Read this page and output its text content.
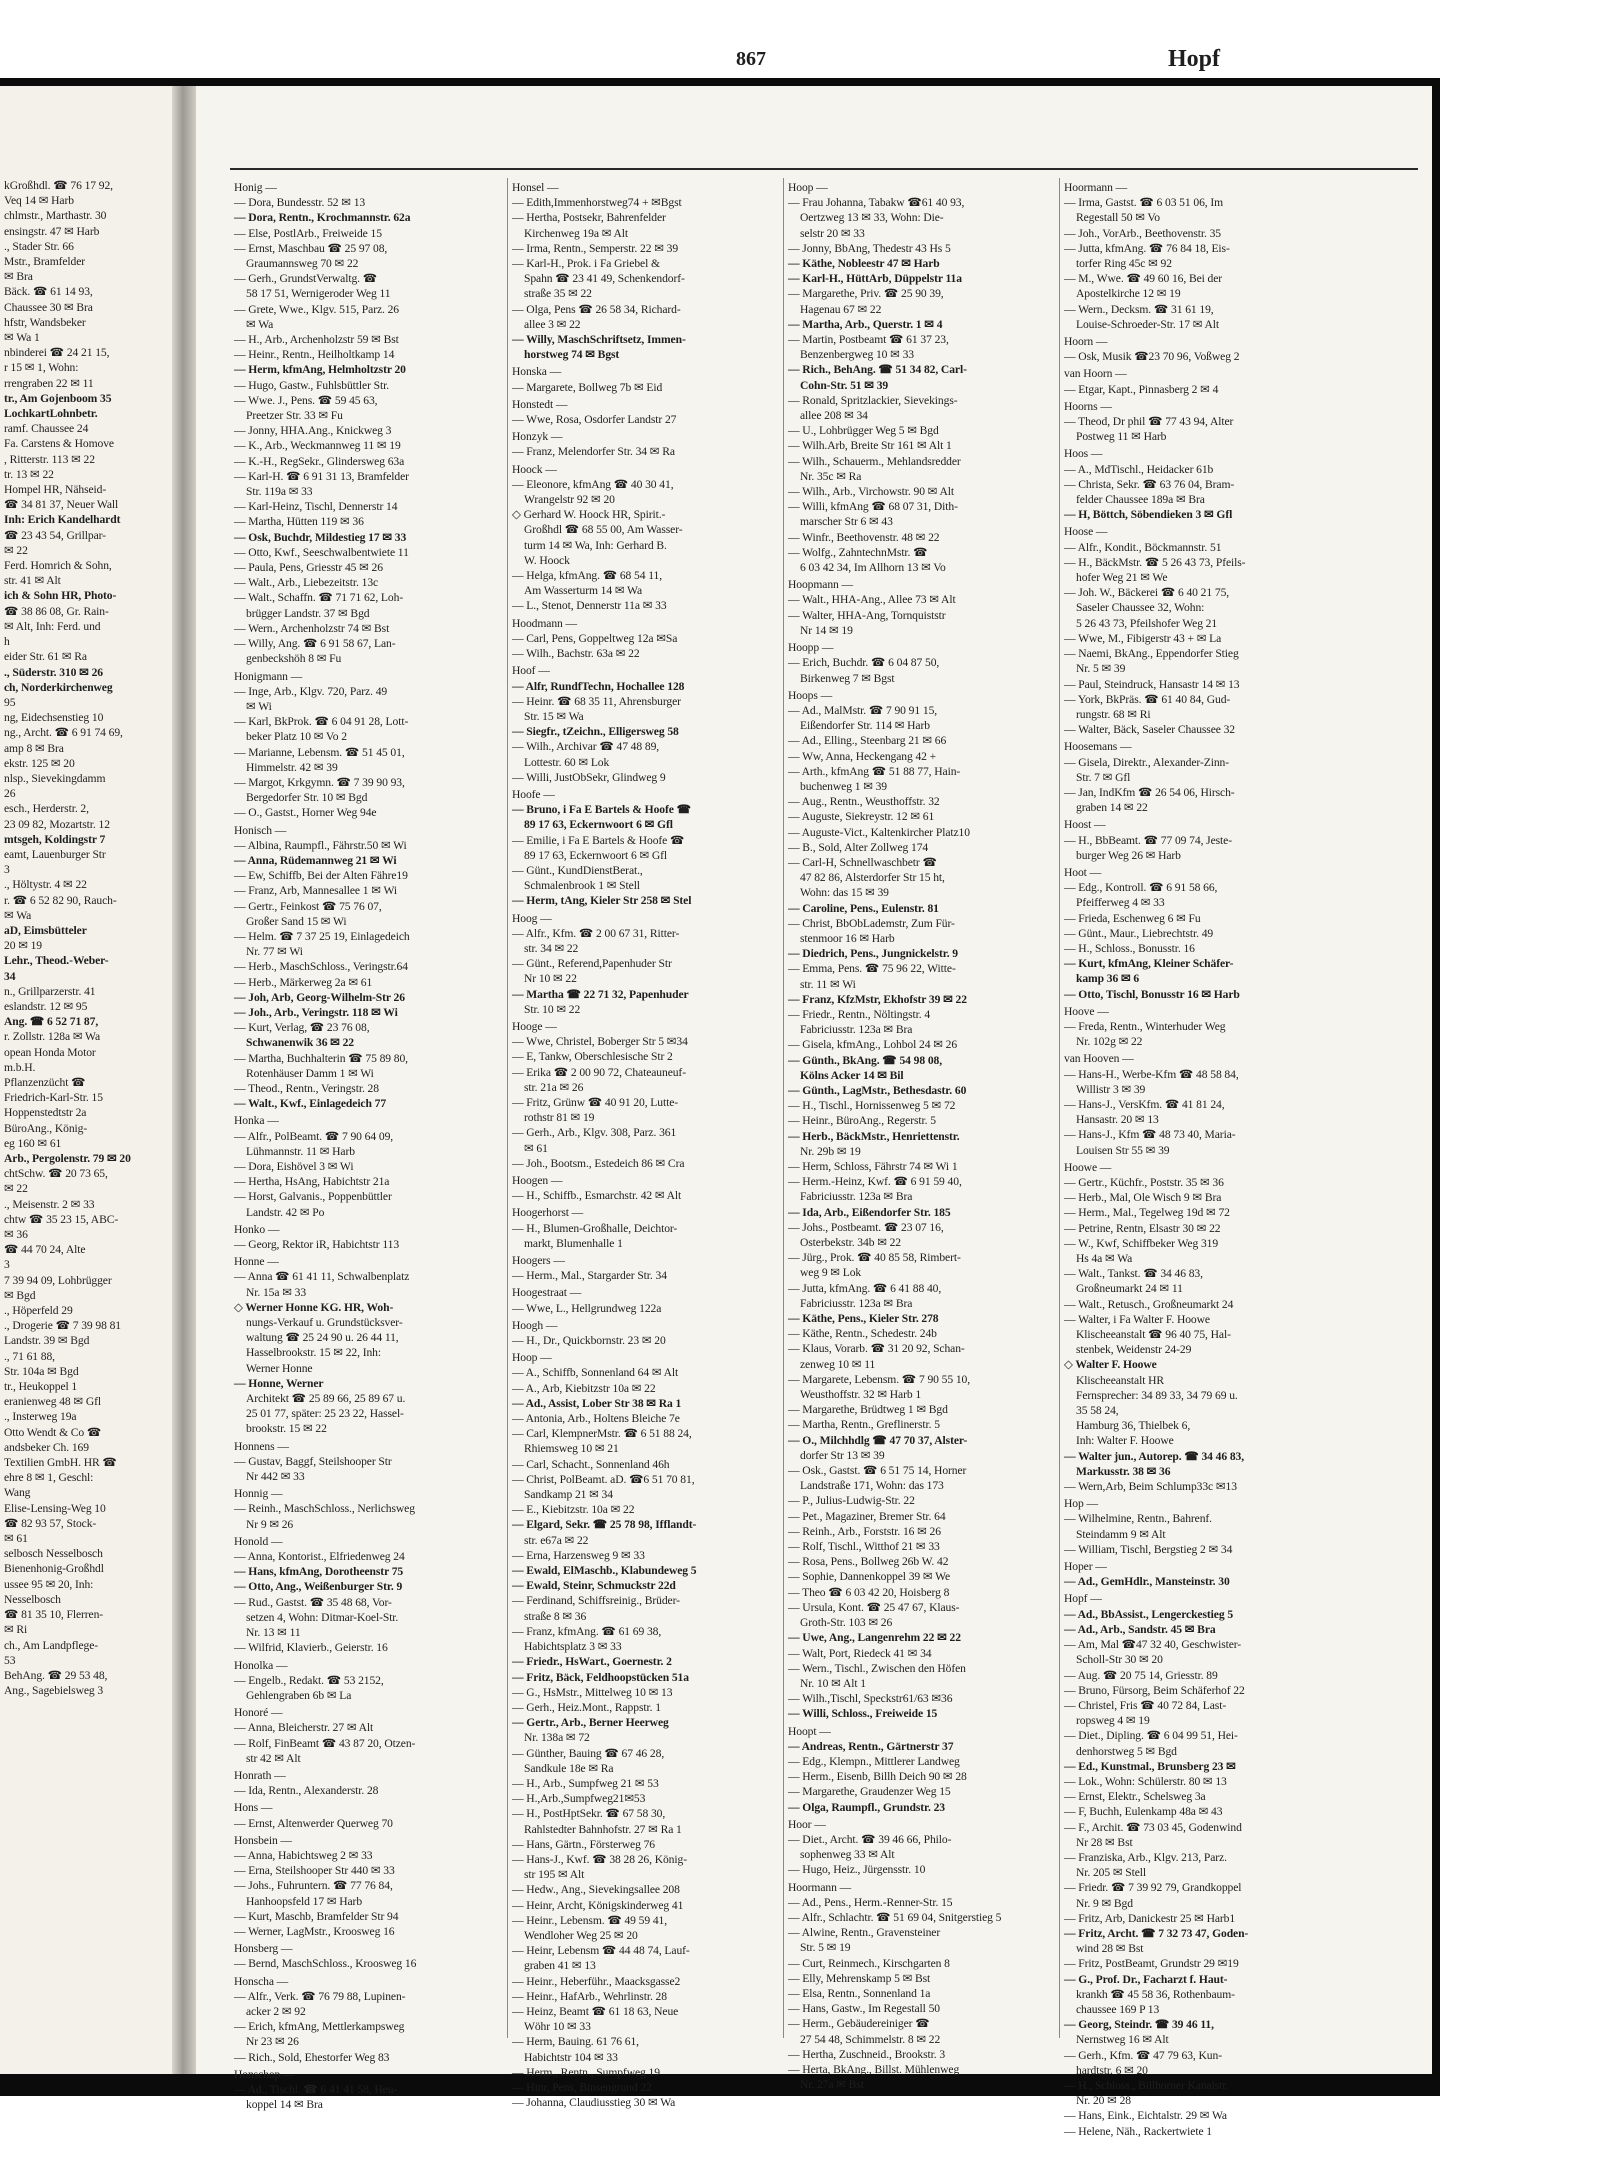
kGroßhdl. ☎ 76 17 92,
Veq 14 ✉ Harb
chlmstr., Marthastr. 30
ensingstr. 47 ✉ Harb
., Stader Str. 66
Mstr., Bramfelder
✉ Bra
Bäck. ☎ 61 14 93,
Chaussee 30 ✉ Bra
hfstr, Wandsbeker
✉ Wa 1
nbinderei ☎ 24 21 15,
r 15 ✉ 1, Wohn:
rrengraben 22 ✉ 11
tr., Am Gojenboom 35
LochkartLohnbetr.
ramf. Chaussee 24
Fa. Carstens & Homove
, Ritterstr. 113 ✉ 22
tr. 13 ✉ 22
Hompel HR, Nähseid-
☎ 34 81 37, Neuer Wall
Inh: Erich Kandelhardt
☎ 23 43 54, Grillpar-
✉ 22
Ferd. Homrich & Sohn,
str. 41 ✉ Alt
ich & Sohn HR, Photo-
☎ 38 86 08, Gr. Rain-
✉ Alt, Inh: Ferd. und
h
eider Str. 61 ✉ Ra
., Süderstr. 310 ✉ 26
ch, Norderkirchenweg
95
ng, Eidechsenstieg 10
ng., Archt. ☎ 6 91 74 69,
amp 8 ✉ Bra
ekstr. 125 ✉ 20
nlsp., Sievekingdamm
26
esch., Herderstr. 2,
23 09 82, Mozartstr. 12
mtsgeh, Koldingstr 7
eamt, Lauenburger Str
3
., Höltystr. 4 ✉ 22
r. ☎ 6 52 82 90, Rauch-
✉ Wa
aD, Eimsbütteler
20 ✉ 19
Lehr., Theod.-Weber-
34
n., Grillparzerstr. 41
eslandstr. 12 ✉ 95
Ang. ☎ 6 52 71 87,
r. Zollstr. 128a ✉ Wa
opean Honda Motor
m.b.H.
Pflanzenzücht ☎
Friedrich-Karl-Str. 15
Hoppenstedtstr 2a
BüroAng., König-
eg 160 ✉ 61
Arb., Pergolenstr. 79 ✉ 20
chtSchw. ☎ 20 73 65,
✉ 22
., Meisenstr. 2 ✉ 33
chtw ☎ 35 23 15, ABC-
✉ 36
☎ 44 70 24, Alte
3
7 39 94 09, Lohbrügger
✉ Bgd
., Höperfeld 29
., Drogerie ☎ 7 39 98 81
Landstr. 39 ✉ Bgd
., 71 61 88,
Str. 104a ✉ Bgd
tr., Heukoppel 1
eranienweg 48 ✉ Gfl
., Insterweg 19a
Otto Wendt & Co ☎
andsbeker Ch. 169
Textilien GmbH. HR ☎
ehre 8 ✉ 1, Geschl:
Wang
Elise-Lensing-Weg 10
☎ 82 93 57, Stock-
✉ 61
selbosch Nesselbosch
Bienenhonig-Großhdl
ussee 95 ✉ 20, Inh:
Nesselbosch
☎ 81 35 10, Flerren-
✉ Ri
ch., Am Landpflege-
53
BehAng. ☎ 29 53 48,
Ang., Sagebielsweg 3
Honig —
— Dora, Bundesstr. 52 ✉ 13
— Dora, Rentn., Krochmannstr. 62a
— Else, PostlArb., Freiweide 15
— Ernst, Maschbau ☎ 25 97 08,
Graumannsweg 70 ✉ 22
— Gerh., GrundstVerwaltg. ☎
58 17 51, Wernigeroder Weg 11
— Grete, Wwe., Klgv. 515, Parz. 26
✉ Wa
— H., Arb., Archenholzstr 59 ✉ Bst
— Heinr., Rentn., Heilholtkamp 14
— Herm, kfmAng, Helmholtzstr 20
— Hugo, Gastw., Fuhlsbüttler Str.
— Wwe. J., Pens. ☎ 59 45 63,
Preetzer Str. 33 ✉ Fu
— Jonny, HHA.Ang., Knickweg 3
— K., Arb., Weckmannweg 11 ✉ 19
— K.-H., RegSekr., Glindersweg 63a
— Karl-H. ☎ 6 91 31 13, Bramfelder
Str. 119a ✉ 33
— Karl-Heinz, Tischl, Dennerstr 14
— Martha, Hütten 119 ✉ 36
— Osk, Buchdr, Mildestieg 17 ✉ 33
— Otto, Kwf., Seeschwalbentwiete 11
— Paula, Pens, Griesstr 45 ✉ 26
— Walt., Arb., Liebezeitstr. 13c
— Walt., Schaffn. ☎ 71 71 62, Loh-
brügger Landstr. 37 ✉ Bgd
— Wern., Archenholzstr 74 ✉ Bst
— Willy, Ang. ☎ 6 91 58 67, Lan-
genbeckshöh 8 ✉ Fu
Honigmann —
— Inge, Arb., Klgv. 720, Parz. 49
✉ Wi
— Karl, BkProk. ☎ 6 04 91 28, Lott-
beker Platz 10 ✉ Vo 2
— Marianne, Lebensm. ☎ 51 45 01,
Himmelstr. 42 ✉ 39
— Margot, Krkgymn. ☎ 7 39 90 93,
Bergedorfer Str. 10 ✉ Bgd
— O., Gastst., Horner Weg 94e
Honisch —
— Albina, Raumpfl., Fährstr.50 ✉ Wi
— Anna, Rüdemannweg 21 ✉ Wi
— Ew, Schiffb, Bei der Alten Fähre19
— Franz, Arb, Mannesallee 1 ✉ Wi
— Gertr., Feinkost ☎ 75 76 07,
Großer Sand 15 ✉ Wi
— Helm. ☎ 7 37 25 19, Einlagedeich
Nr. 77 ✉ Wi
— Herb., MaschSchloss., Veringstr.64
— Herb., Märkerweg 2a ✉ 61
— Joh, Arb, Georg-Wilhelm-Str 26
— Joh., Arb., Veringstr. 118 ✉ Wi
— Kurt, Verlag, ☎ 23 76 08,
Schwanenwik 36 ✉ 22
— Martha, Buchhalterin ☎ 75 89 80,
Rotenhäuser Damm 1 ✉ Wi
— Theod., Rentn., Veringstr. 28
— Walt., Kwf., Einlagedeich 77
Honka —
— Alfr., PolBeamt. ☎ 7 90 64 09,
Lühmannstr. 11 ✉ Harb
— Dora, Eishövel 3 ✉ Wi
— Hertha, HsAng, Habichtstr 21a
— Horst, Galvanis., Poppenbüttler
Landstr. 42 ✉ Po
Honko —
— Georg, Rektor iR, Habichtstr 113
Honne —
— Anna ☎ 61 41 11, Schwalbenplatz
Nr. 15a ✉ 33
◇ Werner Honne KG. HR, Woh-
nungs-Verkauf u. Grundstücksver-
waltung ☎ 25 24 90 u. 26 44 11,
Hasselbrookstr. 15 ✉ 22, Inh:
Werner Honne
— Honne, Werner
Architekt ☎ 25 89 66, 25 89 67 u.
25 01 77, später: 25 23 22, Hassel-
brookstr. 15 ✉ 22
Honnens —
— Gustav, Baggf, Steilshooper Str
Nr 442 ✉ 33
Honnig —
— Reinh., MaschSchloss., Nerlichsweg
Nr 9 ✉ 26
Honold —
— Anna, Kontorist., Elfriedenweg 24
— Hans, kfmAng, Dorotheenstr 75
— Otto, Ang., Weißenburger Str. 9
— Rud., Gastst. ☎ 35 48 68, Vor-
setzen 4, Wohn: Ditmar-Koel-Str.
Nr. 13 ✉ 11
— Wilfrid, Klavierb., Geierstr. 16
Honolka —
— Engelb., Redakt. ☎ 53 2152,
Gehlengraben 6b ✉ La
Honoré —
— Anna, Bleicherstr. 27 ✉ Alt
— Rolf, FinBeamt ☎ 43 87 20, Otzen-
str 42 ✉ Alt
Honrath —
— Ida, Rentn., Alexanderstr. 28
Hons —
— Ernst, Altenwerder Querweg 70
Honsbein —
— Anna, Habichtsweg 2 ✉ 33
— Erna, Steilshooper Str 440 ✉ 33
— Johs., Fuhruntern. ☎ 77 76 84,
Hanhoopsfeld 17 ✉ Harb
— Kurt, Maschb, Bramfelder Str 94
— Werner, LagMstr., Kroosweg 16
Honsberg —
— Bernd, MaschSchloss., Kroosweg 16
Honscha —
— Alfr., Verk. ☎ 76 79 88, Lupinen-
acker 2 ✉ 92
— Erich, kfmAng, Mettlerkampsweg
Nr 23 ✉ 26
— Rich., Sold, Ehestorfer Weg 83
Honschop —
— Ad., Tischl. ☎ 6 41 41 58, Heu-
koppel 14 ✉ Bra
Honsel —
— Edith,Immenhorstweg74 + ✉Bgst
— Hertha, Postsekr, Bahrenfelder
Kirchenweg 19a ✉ Alt
— Irma, Rentn., Semperstr. 22 ✉ 39
— Karl-H., Prok. i Fa Griebel &
Spahn ☎ 23 41 49, Schenkendorf-
straße 35 ✉ 22
— Olga, Pens ☎ 26 58 34, Richard-
allee 3 ✉ 22
— Willy, MaschSchriftsetz, Immen-
horstweg 74 ✉ Bgst
Honska —
— Margarete, Bollweg 7b ✉ Eid
Honstedt —
— Wwe, Rosa, Osdorfer Landstr 27
Honzyk —
— Franz, Melendorfer Str. 34 ✉ Ra
Hoock —
— Eleonore, kfmAng ☎ 40 30 41,
Wrangelstr 92 ✉ 20
◇ Gerhard W. Hoock HR, Spirit.-
Großhdl ☎ 68 55 00, Am Wasser-
turm 14 ✉ Wa, Inh: Gerhard B.
W. Hoock
— Helga, kfmAng. ☎ 68 54 11,
Am Wasserturm 14 ✉ Wa
— L., Stenot, Dennerstr 11a ✉ 33
Hoodmann —
— Carl, Pens, Goppeltweg 12a ✉Sa
— Wilh., Bachstr. 63a ✉ 22
Hoof —
— Alfr, RundfTechn, Hochallee 128
— Heinr. ☎ 68 35 11, Ahrensburger
Str. 15 ✉ Wa
— Siegfr., tZeichn., Elligersweg 58
— Wilh., Archivar ☎ 47 48 89,
Lottestr. 60 ✉ Lok
— Willi, JustObSekr, Glindweg 9
Hoofe —
— Bruno, i Fa E Bartels & Hoofe ☎
89 17 63, Eckernwoort 6 ✉ Gfl
— Emilie, i Fa E Bartels & Hoofe ☎
89 17 63, Eckernwoort 6 ✉ Gfl
— Günt., KundDienstBerat.,
Schmalenbrook 1 ✉ Stell
— Herm, tAng, Kieler Str 258 ✉ Stel
Hoog —
— Alfr., Kfm. ☎ 2 00 67 31, Ritter-
str. 34 ✉ 22
— Günt., Referend,Papenhuder Str
Nr 10 ✉ 22
— Martha ☎ 22 71 32, Papenhuder
Str. 10 ✉ 22
Hooge —
— Wwe, Christel, Boberger Str 5 ✉34
— E, Tankw, Oberschlesische Str 2
— Erika ☎ 2 00 90 72, Chateauneuf-
str. 21a ✉ 26
— Fritz, Grünw ☎ 40 91 20, Lutte-
rothstr 81 ✉ 19
— Gerh., Arb., Klgv. 308, Parz. 361
✉ 61
— Joh., Bootsm., Estedeich 86 ✉ Cra
Hoogen —
— H., Schiffb., Esmarchstr. 42 ✉ Alt
Hoogerhorst —
— H., Blumen-Großhalle, Deichtor-
markt, Blumenhalle 1
Hoogers —
— Herm., Mal., Stargarder Str. 34
Hoogestraat —
— Wwe, L., Hellgrundweg 122a
Hoogh —
— H., Dr., Quickbornstr. 23 ✉ 20
Hoop —
— A., Schiffb, Sonnenland 64 ✉ Alt
— A., Arb, Kiebitzstr 10a ✉ 22
— Ad., Assist, Lober Str 38 ✉ Ra 1
— Antonia, Arb., Holtens Bleiche 7e
— Carl, KlempnerMstr. ☎ 6 51 88 24,
Rhiemsweg 10 ✉ 21
— Carl, Schacht., Sonnenland 46h
— Christ, PolBeamt. aD. ☎6 51 70 81,
Sandkamp 21 ✉ 34
— E., Kiebitzstr. 10a ✉ 22
— Elgard, Sekr. ☎ 25 78 98, Ifflandt-
str. e67a ✉ 22
— Erna, Harzensweg 9 ✉ 33
— Ewald, ElMaschb., Klabundeweg 5
— Ewald, Steinr, Schmuckstr 22d
— Ferdinand, Schiffsreinig., Brüder-
straße 8 ✉ 36
— Franz, kfmAng. ☎ 61 69 38,
Habichtsplatz 3 ✉ 33
— Friedr., HsWart., Goernestr. 2
— Fritz, Bäck, Feldhoopstücken 51a
— G., HsMstr., Mittelweg 10 ✉ 13
— Gerh., Heiz.Mont., Rappstr. 1
— Gertr., Arb., Berner Heerweg
Nr. 138a ✉ 72
— Günther, Bauing ☎ 67 46 28,
Sandkule 18e ✉ Ra
— H., Arb., Sumpfweg 21 ✉ 53
— H.,Arb.,Sumpfweg21✉53
— H., PostHptSekr. ☎ 67 58 30,
Rahlstedter Bahnhofstr. 27 ✉ Ra 1
— Hans, Gärtn., Försterweg 76
— Hans-J., Kwf. ☎ 38 28 26, König-
str 195 ✉ Alt
— Hedw., Ang., Sievekingsallee 208
— Heinr, Archt, Königskinderweg 41
— Heinr., Lebensm. ☎ 49 59 41,
Wendloher Weg 25 ✉ 20
— Heinr, Lebensm ☎ 44 48 74, Lauf-
graben 41 ✉ 13
— Heinr., Heberführ., Maacksgasse2
— Heinr., HafArb., Wehrlinstr. 28
— Heinz, Beamt ☎ 61 18 63, Neue
Wöhr 10 ✉ 33
— Herm, Bauing. 61 76 61,
Habichtstr 104 ✉ 33
— Herm., Rentn., Sumpfweg 19
— Hinr, Pens, Binsengrund 22
— Johanna, Claudiusstieg 30 ✉ Wa
Hoop —
— Frau Johanna, Tabakw ☎61 40 93,
Oertzweg 13 ✉ 33, Wohn: Die-
selstr 20 ✉ 33
— Jonny, BbAng, Thedestr 43 Hs 5
— Käthe, Nobleestr 47 ✉ Harb
— Karl-H., HüttArb, Düppelstr 11a
— Margarethe, Priv. ☎ 25 90 39,
Hagenau 67 ✉ 22
— Martha, Arb., Querstr. 1 ✉ 4
— Martin, Postbeamt ☎ 61 37 23,
Benzenbergweg 10 ✉ 33
— Rich., BehAng. ☎ 51 34 82, Carl-
Cohn-Str. 51 ✉ 39
— Ronald, Spritzlackier, Sievekings-
allee 208 ✉ 34
— U., Lohbrügger Weg 5 ✉ Bgd
— Wilh.Arb, Breite Str 161 ✉ Alt 1
— Wilh., Schauerm., Mehlandsredder
Nr. 35c ✉ Ra
— Wilh., Arb., Virchowstr. 90 ✉ Alt
— Willi, kfmAng ☎ 68 07 31, Dith-
marscher Str 6 ✉ 43
— Winfr., Beethovenstr. 48 ✉ 22
— Wolfg., ZahntechnMstr. ☎
6 03 42 34, Im Allhorn 13 ✉ Vo
Hoopmann —
— Walt., HHA-Ang., Allee 73 ✉ Alt
— Walter, HHA-Ang, Tornquiststr
Nr 14 ✉ 19
Hoopp —
— Erich, Buchdr. ☎ 6 04 87 50,
Birkenweg 7 ✉ Bgst
Hoops —
— Ad., MalMstr. ☎ 7 90 91 15,
Eißendorfer Str. 114 ✉ Harb
— Ad., Elling., Steenbarg 21 ✉ 66
— Ww, Anna, Heckengang 42 +
— Arth., kfmAng ☎ 51 88 77, Hain-
buchenweg 1 ✉ 39
— Aug., Rentn., Weusthoffstr. 32
— Auguste, Siekreystr. 12 ✉ 61
— Auguste-Vict., Kaltenkircher Platz10
— B., Sold, Alter Zollweg 174
— Carl-H, Schnellwaschbetr ☎
47 82 86, Alsterdorfer Str 15 ht,
Wohn: das 15 ✉ 39
— Caroline, Pens., Eulenstr. 81
— Christ, BbObLademstr, Zum Für-
stenmoor 16 ✉ Harb
— Diedrich, Pens., Jungnickelstr. 9
— Emma, Pens. ☎ 75 96 22, Witte-
str. 11 ✉ Wi
— Franz, KfzMstr, Ekhofstr 39 ✉ 22
— Friedr., Rentn., Nöltingstr. 4
Fabriciusstr. 123a ✉ Bra
— Gisela, kfmAng., Lohbol 24 ✉ 26
— Günth., BkAng. ☎ 54 98 08,
Kölns Acker 14 ✉ Bil
— Günth., LagMstr., Bethesdastr. 60
— H., Tischl., Hornissenweg 5 ✉ 72
— Heinr., BüroAng., Regerstr. 5
— Herb., BäckMstr., Henriettenstr.
Nr. 29b ✉ 19
— Herm, Schloss, Fährstr 74 ✉ Wi 1
— Herm.-Heinz, Kwf. ☎ 6 91 59 40,
Fabriciusstr. 123a ✉ Bra
— Ida, Arb., Eißendorfer Str. 185
— Johs., Postbeamt. ☎ 23 07 16,
Osterbekstr. 34b ✉ 22
— Jürg., Prok. ☎ 40 85 58, Rimbert-
weg 9 ✉ Lok
— Jutta, kfmAng. ☎ 6 41 88 40,
Fabriciusstr. 123a ✉ Bra
— Käthe, Pens., Kieler Str. 278
— Käthe, Rentn., Schedestr. 24b
— Klaus, Vorarb. ☎ 31 20 92, Schan-
zenweg 10 ✉ 11
— Margarete, Lebensm. ☎ 7 90 55 10,
Weusthoffstr. 32 ✉ Harb 1
— Margarethe, Brüdtweg 1 ✉ Bgd
— Martha, Rentn., Greflinerstr. 5
— O., Milchhdlg ☎ 47 70 37, Alster-
dorfer Str 13 ✉ 39
— Osk., Gastst. ☎ 6 51 75 14, Horner
Landstraße 171, Wohn: das 173
— P., Julius-Ludwig-Str. 22
— Pet., Magaziner, Bremer Str. 64
— Reinh., Arb., Forststr. 16 ✉ 26
— Rolf, Tischl., Witthof 21 ✉ 33
— Rosa, Pens., Bollweg 26b W. 42
— Sophie, Dannenkoppel 39 ✉ We
— Theo ☎ 6 03 42 20, Hoisberg 8
— Ursula, Kont. ☎ 25 47 67, Klaus-
Groth-Str. 103 ✉ 26
— Uwe, Ang., Langenrehm 22 ✉ 22
— Walt, Port, Riedeck 41 ✉ 34
— Wern., Tischl., Zwischen den Höfen
Nr. 10 ✉ Alt 1
— Wilh.,Tischl, Speckstr61/63 ✉36
— Willi, Schloss., Freiweide 15
Hoopt —
— Andreas, Rentn., Gärtnerstr 37
— Edg., Klempn., Mittlerer Landweg
— Herm., Eisenb, Billh Deich 90 ✉ 28
— Margarethe, Graudenzer Weg 15
— Olga, Raumpfl., Grundstr. 23
Hoor —
— Diet., Archt. ☎ 39 46 66, Philo-
sophenweg 33 ✉ Alt
— Hugo, Heiz., Jürgensstr. 10
Hoormann —
— Ad., Pens., Herm.-Renner-Str. 15
— Alfr., Schlachtr. ☎ 51 69 04, Snitgerstieg 5
— Alwine, Rentn., Gravensteiner
Str. 5 ✉ 19
— Curt, Reinmech., Kirschgarten 8
— Elly, Mehrenskamp 5 ✉ Bst
— Elsa, Rentn., Sonnenland 1a
— Hans, Gastw., Im Regestall 50
— Herm., Gebäudereiniger ☎
27 54 48, Schimmelstr. 8 ✉ 22
— Hertha, Zuschneid., Brookstr. 3
— Herta, BkAng., Billst. Mühlenweg
Nr. 27a ✉ Bst
Hoormann —
— Irma, Gastst. ☎ 6 03 51 06, Im
Regestall 50 ✉ Vo
— Joh., VorArb., Beethovenstr. 35
— Jutta, kfmAng. ☎ 76 84 18, Eis-
torfer Ring 45c ✉ 92
— M., Wwe. ☎ 49 60 16, Bei der
Apostelkirche 12 ✉ 19
— Wern., Decksm. ☎ 31 61 19,
Louise-Schroeder-Str. 17 ✉ Alt
Hoorn —
— Osk, Musik ☎23 70 96, Voßweg 2
van Hoorn —
— Etgar, Kapt., Pinnasberg 2 ✉ 4
Hoorns —
— Theod, Dr phil ☎ 77 43 94, Alter
Postweg 11 ✉ Harb
Hoos —
— A., MdTischl., Heidacker 61b
— Christa, Sekr. ☎ 63 76 04, Bram-
felder Chaussee 189a ✉ Bra
— H, Böttch, Söbendieken 3 ✉ Gfl
Hoose —
— Alfr., Kondit., Böckmannstr. 51
— H., BäckMstr. ☎ 5 26 43 73, Pfeils-
hofer Weg 21 ✉ We
— Joh. W., Bäckerei ☎ 6 40 21 75,
Saseler Chaussee 32, Wohn:
5 26 43 73, Pfeilshofer Weg 21
— Wwe, M., Fibigerstr 43 + ✉ La
— Naemi, BkAng., Eppendorfer Stieg
Nr. 5 ✉ 39
— Paul, Steindruck, Hansastr 14 ✉ 13
— York, BkPräs. ☎ 61 40 84, Gud-
rungstr. 68 ✉ Ri
— Walter, Bäck, Saseler Chaussee 32
Hoosemans —
— Gisela, Direktr., Alexander-Zinn-
Str. 7 ✉ Gfl
— Jan, IndKfm ☎ 26 54 06, Hirsch-
graben 14 ✉ 22
Hoost —
— H., BbBeamt. ☎ 77 09 74, Jeste-
burger Weg 26 ✉ Harb
Hoot —
— Edg., Kontroll. ☎ 6 91 58 66,
Pfeifferweg 4 ✉ 33
— Frieda, Eschenweg 6 ✉ Fu
— Günt., Maur., Liebrechtstr. 49
— H., Schloss., Bonusstr. 16
— Kurt, kfmAng, Kleiner Schäfer-
kamp 36 ✉ 6
— Otto, Tischl, Bonusstr 16 ✉ Harb
Hoove —
— Freda, Rentn., Winterhuder Weg
Nr. 102g ✉ 22
van Hooven —
— Hans-H., Werbe-Kfm ☎ 48 58 84,
Willistr 3 ✉ 39
— Hans-J., VersKfm. ☎ 41 81 24,
Hansastr. 20 ✉ 13
— Hans-J., Kfm ☎ 48 73 40, Maria-
Louisen Str 55 ✉ 39
Hoowe —
— Gertr., Küchfr., Poststr. 35 ✉ 36
— Herb., Mal, Ole Wisch 9 ✉ Bra
— Herm., Mal., Tegelweg 19d ✉ 72
— Petrine, Rentn, Elsastr 30 ✉ 22
— W., Kwf, Schiffbeker Weg 319
Hs 4a ✉ Wa
— Walt., Tankst. ☎ 34 46 83,
Großneumarkt 24 ✉ 11
— Walt., Retusch., Großneumarkt 24
— Walter, i Fa Walter F. Hoowe
Klischeeanstalt ☎ 96 40 75, Hal-
stenbek, Weidenstr 24-29
◇ Walter F. Hoowe
Klischeeanstalt HR
Fernsprecher: 34 89 33, 34 79 69 u.
35 58 24,
Hamburg 36, Thielbek 6,
Inh: Walter F. Hoowe
— Walter jun., Autorep. ☎ 34 46 83,
Markusstr. 38 ✉ 36
— Wern,Arb, Beim Schlump33c ✉13
Hop —
— Wilhelmine, Rentn., Bahrenf.
Steindamm 9 ✉ Alt
— William, Tischl, Bergstieg 2 ✉ 34
Hoper —
— Ad., GemHdlr., Mansteinstr. 30
Hopf —
— Ad., BbAssist., Lengerckestieg 5
— Ad., Arb., Sandstr. 45 ✉ Bra
— Am, Mal ☎47 32 40, Geschwister-
Scholl-Str 30 ✉ 20
— Aug. ☎ 20 75 14, Griesstr. 89
— Bruno, Fürsorg, Beim Schäferhof 22
— Christel, Fris ☎ 40 72 84, Last-
ropsweg 4 ✉ 19
— Diet., Dipling. ☎ 6 04 99 51, Hei-
denhorstweg 5 ✉ Bgd
— Ed., Kunstmal., Brunsberg 23 ✉
— Lok., Wohn: Schülerstr. 80 ✉ 13
— Ernst, Elektr., Schelsweg 3a
— F, Buchh, Eulenkamp 48a ✉ 43
— F., Archit. ☎ 73 03 45, Godenwind
Nr 28 ✉ Bst
— Franziska, Arb., Klgv. 213, Parz.
Nr. 205 ✉ Stell
— Friedr. ☎ 7 39 92 79, Grandkoppel
Nr. 9 ✉ Bgd
— Fritz, Arb, Danickestr 25 ✉ Harb1
— Fritz, Archt. ☎ 7 32 73 47, Goden-
wind 28 ✉ Bst
— Fritz, PostBeamt, Grundstr 29 ✉19
— G., Prof. Dr., Facharzt f. Haut-
krankh ☎ 45 58 36, Rothenbaum-
chaussee 169 P 13
— Georg, Steindr. ☎ 39 46 11,
Nernstweg 16 ✉ Alt
— Gerh., Kfm. ☎ 47 79 63, Kun-
hardtstr. 6 ✉ 20
— H., Schloss., Billhorner Kanalstr.
Nr. 20 ✉ 28
— Hans, Eink., Eichtalstr. 29 ✉ Wa
— Helene, Näh., Rackertwiete 1
867	Hopf
